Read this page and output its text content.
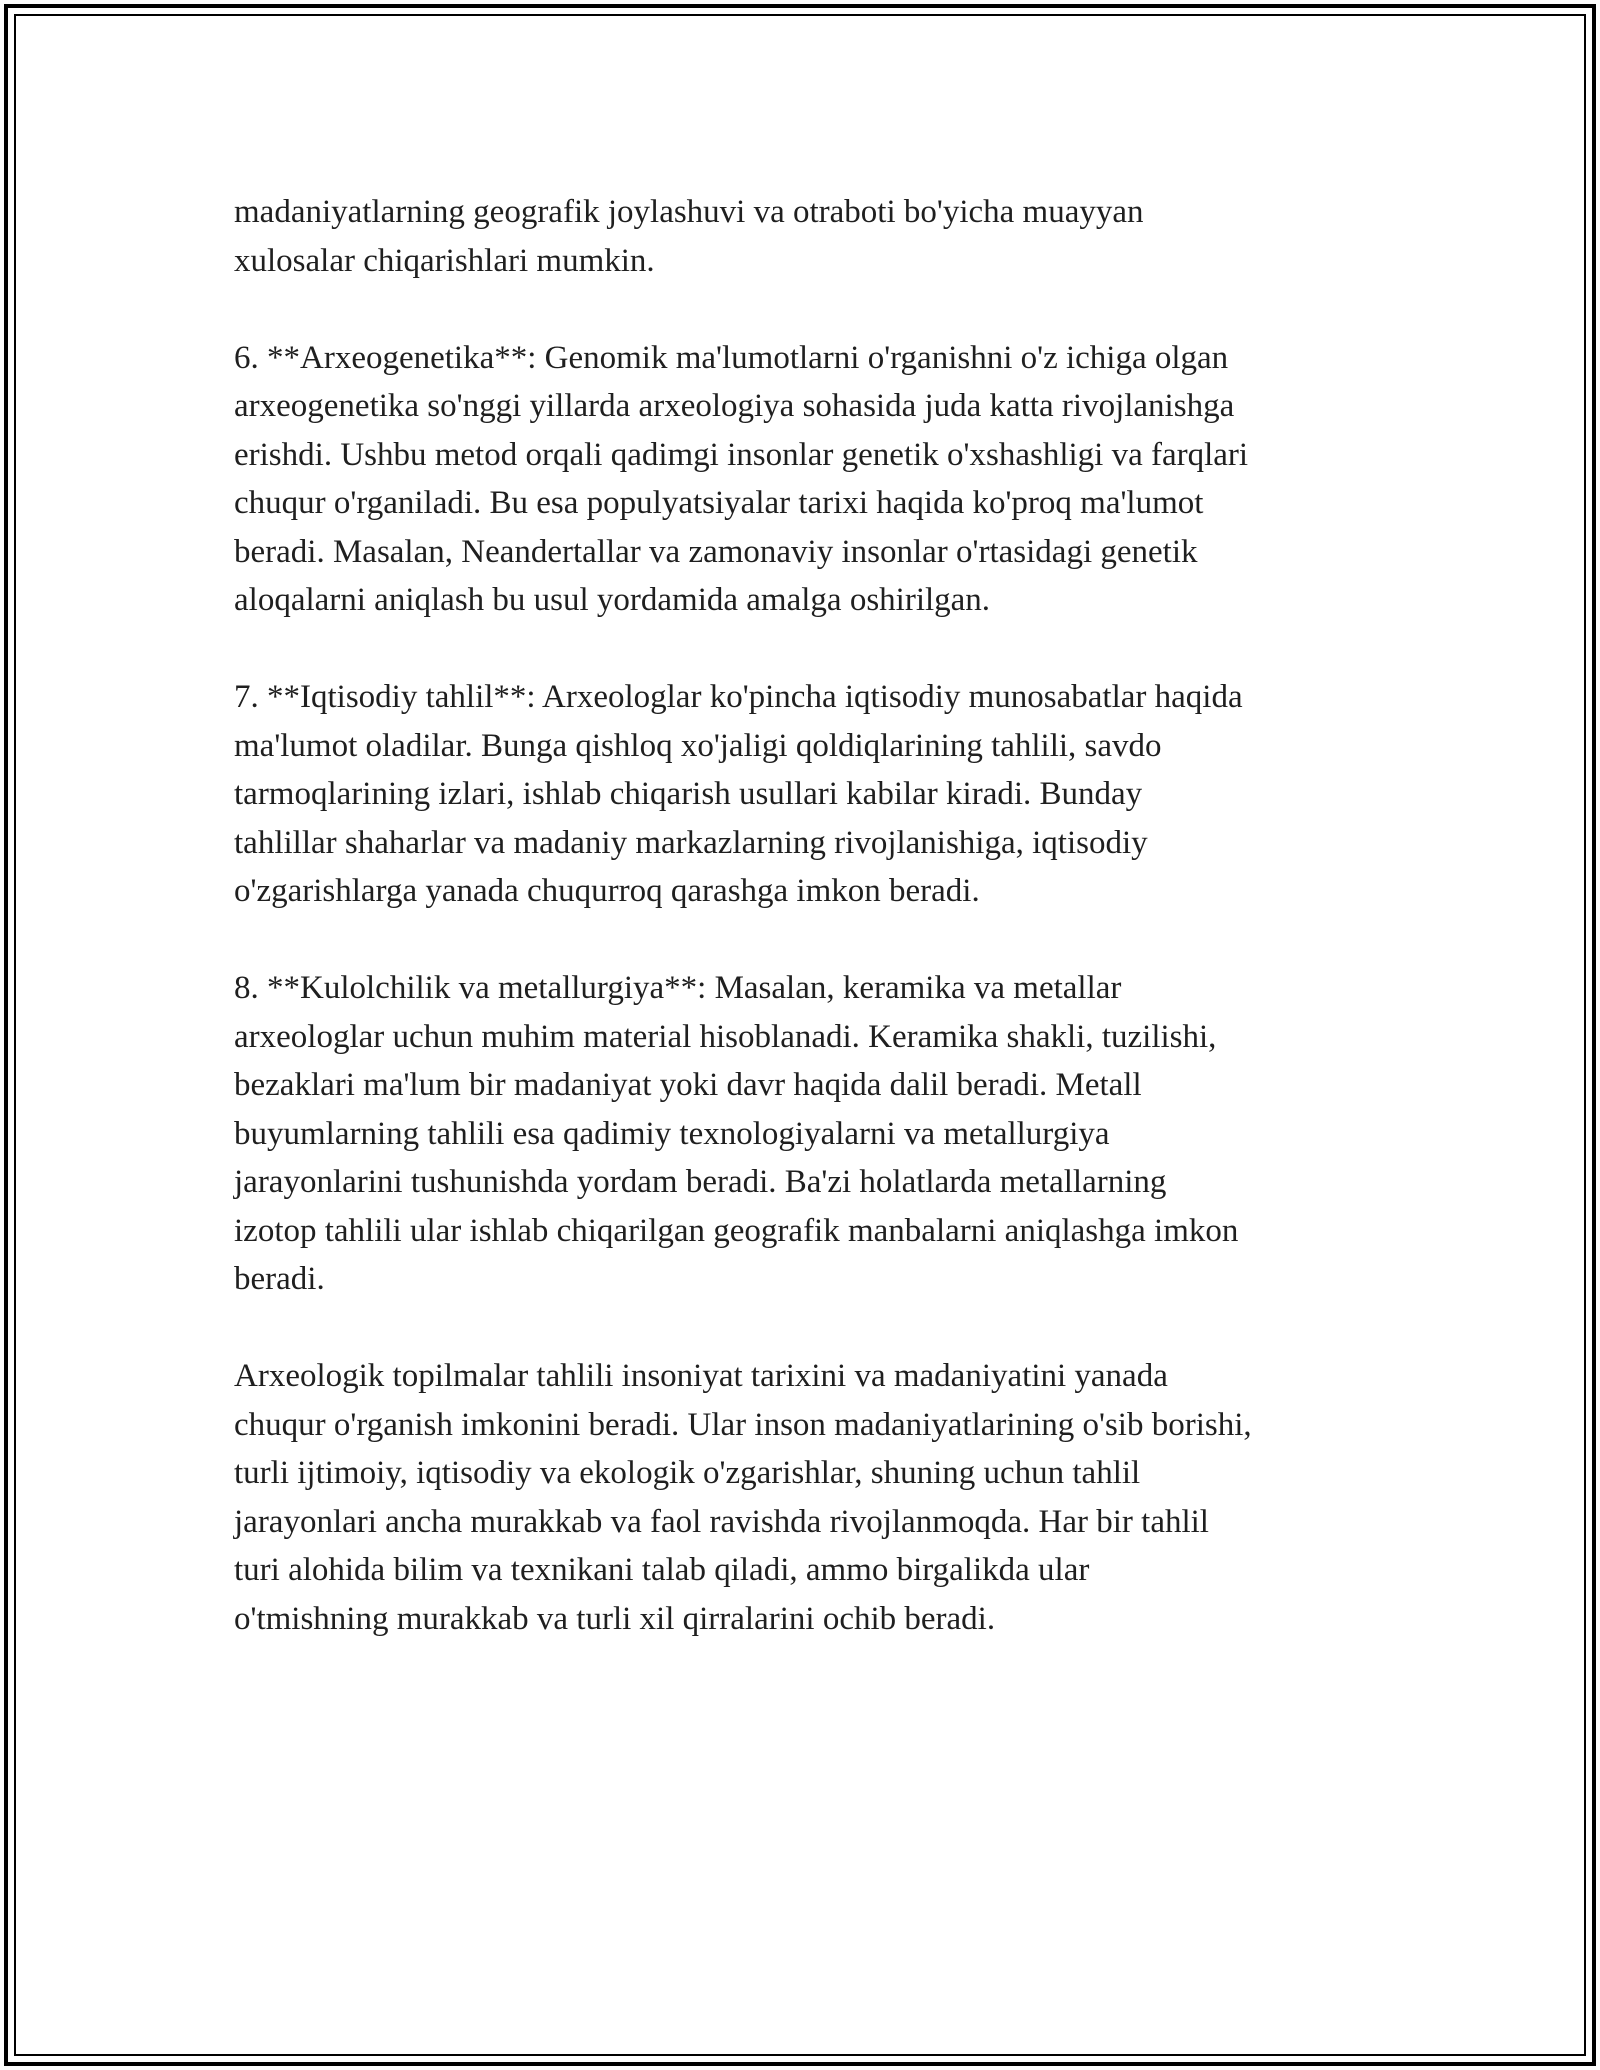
madaniyatlarning geografik joylashuvi va otraboti bo'yicha muayyan
xulosalar chiqarishlari mumkin.

6. **Arxeogenetika**: Genomik ma'lumotlarni o'rganishni o'z ichiga olgan
arxeogenetika so'nggi yillarda arxeologiya sohasida juda katta rivojlanishga
erishdi. Ushbu metod orqali qadimgi insonlar genetik o'xshashligi va farqlari
chuqur o'rganiladi. Bu esa populyatsiyalar tarixi haqida ko'proq ma'lumot
beradi. Masalan, Neandertallar va zamonaviy insonlar o'rtasidagi genetik
aloqalarni aniqlash bu usul yordamida amalga oshirilgan.

7. **Iqtisodiy tahlil**: Arxeologlar ko'pincha iqtisodiy munosabatlar haqida
ma'lumot oladilar. Bunga qishloq xo'jaligi qoldiqlarining tahlili, savdo
tarmoqlarining izlari, ishlab chiqarish usullari kabilar kiradi. Bunday
tahlillar shaharlar va madaniy markazlarning rivojlanishiga, iqtisodiy
o'zgarishlarga yanada chuqurroq qarashga imkon beradi.

8. **Kulolchilik va metallurgiya**: Masalan, keramika va metallar
arxeologlar uchun muhim material hisoblanadi. Keramika shakli, tuzilishi,
bezaklari ma'lum bir madaniyat yoki davr haqida dalil beradi. Metall
buyumlarning tahlili esa qadimiy texnologiyalarni va metallurgiya
jarayonlarini tushunishda yordam beradi. Ba'zi holatlarda metallarning
izotop tahlili ular ishlab chiqarilgan geografik manbalarni aniqlashga imkon
beradi.

Arxeologik topilmalar tahlili insoniyat tarixini va madaniyatini yanada
chuqur o'rganish imkonini beradi. Ular inson madaniyatlarining o'sib borishi,
turli ijtimoiy, iqtisodiy va ekologik o'zgarishlar, shuning uchun tahlil
jarayonlari ancha murakkab va faol ravishda rivojlanmoqda. Har bir tahlil
turi alohida bilim va texnikani talab qiladi, ammo birgalikda ular
o'tmishning murakkab va turli xil qirralarini ochib beradi.
